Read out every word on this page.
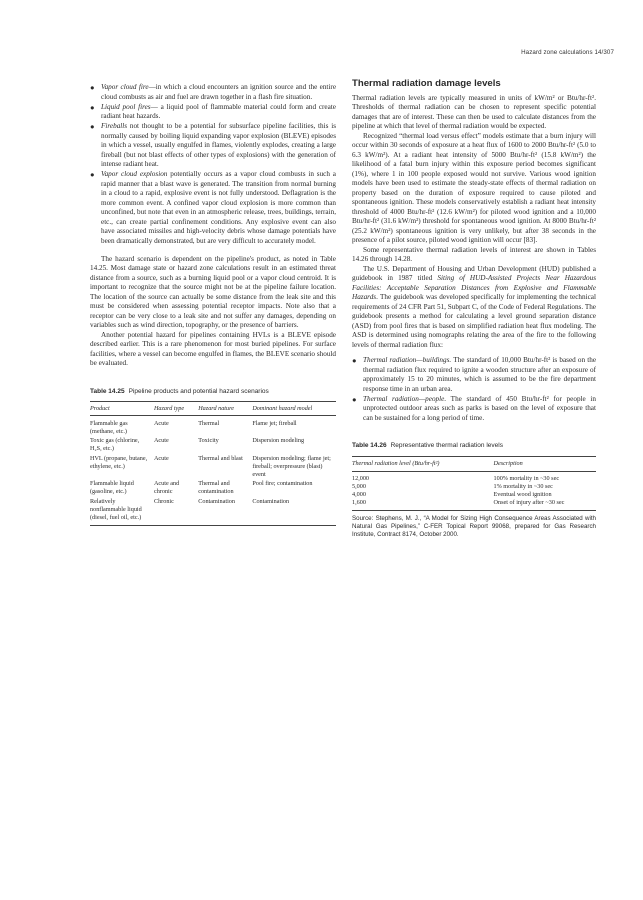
Hazard zone calculations 14/307
● Vapor cloud fire—in which a cloud encounters an ignition source and the entire cloud combusts as air and fuel are drawn together in a flash fire situation.
● Liquid pool fires— a liquid pool of flammable material could form and create radiant heat hazards.
● Fireballs not thought to be a potential for subsurface pipeline facilities, this is normally caused by boiling liquid expanding vapor explosion (BLEVE) episodes in which a vessel, usually engulfed in flames, violently explodes, creating a large fireball (but not blast effects of other types of explosions) with the generation of intense radiant heat.
● Vapor cloud explosion potentially occurs as a vapor cloud combusts in such a rapid manner that a blast wave is generated. The transition from normal burning in a cloud to a rapid, explosive event is not fully understood. Deflagration is the more common event. A confined vapor cloud explosion is more common than unconfined, but note that even in an atmospheric release, trees, buildings, terrain, etc., can create partial confinement conditions. Any explosive event can also have associated missiles and high-velocity debris whose damage potentials have been dramatically demonstrated, but are very difficult to accurately model.

The hazard scenario is dependent on the pipeline's product, as noted in Table 14.25. Most damage state or hazard zone calculations result in an estimated threat distance from a source, such as a burning liquid pool or a vapor cloud centroid. It is important to recognize that the source might not be at the pipeline failure location. The location of the source can actually be some distance from the leak site and this must be considered when assessing potential receptor impacts. Note also that a receptor can be very close to a leak site and not suffer any damages, depending on variables such as wind direction, topography, or the presence of barriers.

Another potential hazard for pipelines containing HVLs is a BLEVE episode described earlier. This is a rare phenomenon for most buried pipelines. For surface facilities, where a vessel can become engulfed in flames, the BLEVE scenario should be evaluated.

Table 14.25 Pipeline products and potential hazard scenarios
Product	Hazard type	Hazard nature	Dominant hazard model
Flammable gas (methane, etc.)	Acute	Thermal	Flame jet; fireball
Toxic gas (chlorine, H₂S, etc.)	Acute	Toxicity	Dispersion modeling
HVL (propane, butane, ethylene, etc.)	Acute	Thermal and blast	Dispersion modeling; flame jet; fireball; overpressure (blast) event
Flammable liquid (gasoline, etc.)	Acute and chronic	Thermal and contamination	Pool fire; contamination
Relatively nonflammable liquid (diesel, fuel oil, etc.)	Chronic	Contamination	Contamination
Thermal radiation damage levels

Thermal radiation levels are typically measured in units of kW/m² or Btu/hr-ft². Thresholds of thermal radiation can be chosen to represent specific potential damages that are of interest. These can then be used to calculate distances from the pipeline at which that level of thermal radiation would be expected.

Recognized “thermal load versus effect” models estimate that a burn injury will occur within 30 seconds of exposure at a heat flux of 1600 to 2000 Btu/hr-ft² (5.0 to 6.3 kW/m²). At a radiant heat intensity of 5000 Btu/hr-ft² (15.8 kW/m²) the likelihood of a fatal burn injury within this exposure period becomes significant (1%), where 1 in 100 people exposed would not survive. Various wood ignition models have been used to estimate the steady-state effects of thermal radiation on property based on the duration of exposure required to cause piloted and spontaneous ignition. These models conservatively establish a radiant heat intensity threshold of 4000 Btu/hr-ft² (12.6 kW/m²) for piloted wood ignition and a 10,000 Btu/hr-ft² (31.6 kW/m²) threshold for spontaneous wood ignition. At 8000 Btu/hr-ft² (25.2 kW/m²) spontaneous ignition is very unlikely, but after 38 seconds in the presence of a pilot source, piloted wood ignition will occur [83].

Some representative thermal radiation levels of interest are shown in Tables 14.26 through 14.28.

The U.S. Department of Housing and Urban Development (HUD) published a guidebook in 1987 titled Siting of HUD-Assisted Projects Near Hazardous Facilities: Acceptable Separation Distances from Explosive and Flammable Hazards. The guidebook was developed specifically for implementing the technical requirements of 24 CFR Part 51, Subpart C, of the Code of Federal Regulations. The guidebook presents a method for calculating a level ground separation distance (ASD) from pool fires that is based on simplified radiation heat flux modeling. The ASD is determined using nomographs relating the area of the fire to the following levels of thermal radiation flux:

● Thermal radiation—buildings. The standard of 10,000 Btu/hr-ft² is based on the thermal radiation flux required to ignite a wooden structure after an exposure of approximately 15 to 20 minutes, which is assumed to be the fire department response time in an urban area.
● Thermal radiation—people. The standard of 450 Btu/hr-ft² for people in unprotected outdoor areas such as parks is based on the level of exposure that can be sustained for a long period of time.
Table 14.26 Representative thermal radiation levels
Thermal radiation level (Btu/hr-ft²)	Description
12,000	100% mortality in ~30 sec
5,000	1% mortality in ~30 sec
4,000	Eventual wood ignition
1,600	Onset of injury after ~30 sec
Source: Stephens, M. J., “A Model for Sizing High Consequence Areas Associated with Natural Gas Pipelines,” C-FER Topical Report 99068, prepared for Gas Research Institute, Contract 8174, October 2000.
